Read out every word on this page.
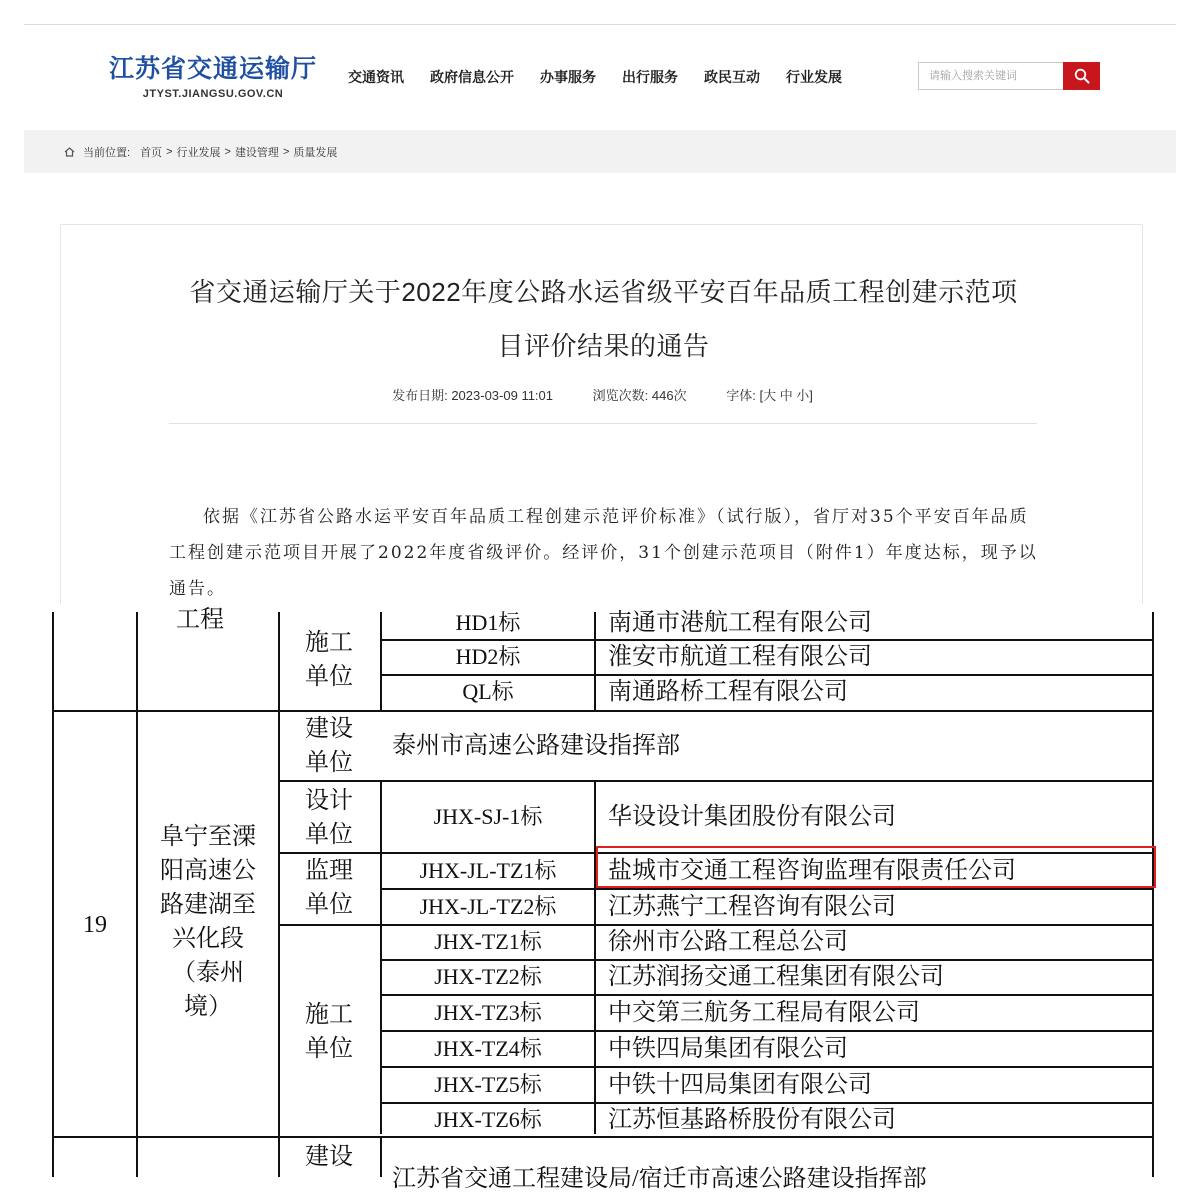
江苏省交通运输厅
JTYST.JIANGSU.GOV.CN
交通资讯 政府信息公开 办事服务 出行服务 政民互动 行业发展
请输入搜索关键词
当前位置: 首页 > 行业发展 > 建设管理 > 质量发展
省交通运输厅关于2022年度公路水运省级平安百年品质工程创建示范项
目评价结果的通告
发布日期: 2023-03-09 11:01	浏览次数: 446次	字体: [大 中 小]
依据《江苏省公路水运平安百年品质工程创建示范评价标准》（试行版），省厅对35个平安百年品质工程创建示范项目开展了2022年度省级评价。经评价，31个创建示范项目（附件1）年度达标，现予以通告。
工程
施工
单位
HD1标	南通市港航工程有限公司
HD2标	淮安市航道工程有限公司
QL标	南通路桥工程有限公司
19
阜宁至溧
阳高速公
路建湖至
兴化段
（泰州
境）
建设
单位
泰州市高速公路建设指挥部
设计
单位
JHX-SJ-1标	华设设计集团股份有限公司
监理
单位
JHX-JL-TZ1标	盐城市交通工程咨询监理有限责任公司
JHX-JL-TZ2标	江苏燕宁工程咨询有限公司
施工
单位
JHX-TZ1标	徐州市公路工程总公司
JHX-TZ2标	江苏润扬交通工程集团有限公司
JHX-TZ3标	中交第三航务工程局有限公司
JHX-TZ4标	中铁四局集团有限公司
JHX-TZ5标	中铁十四局集团有限公司
JHX-TZ6标	江苏恒基路桥股份有限公司
建设
江苏省交通工程建设局/宿迁市高速公路建设指挥部
